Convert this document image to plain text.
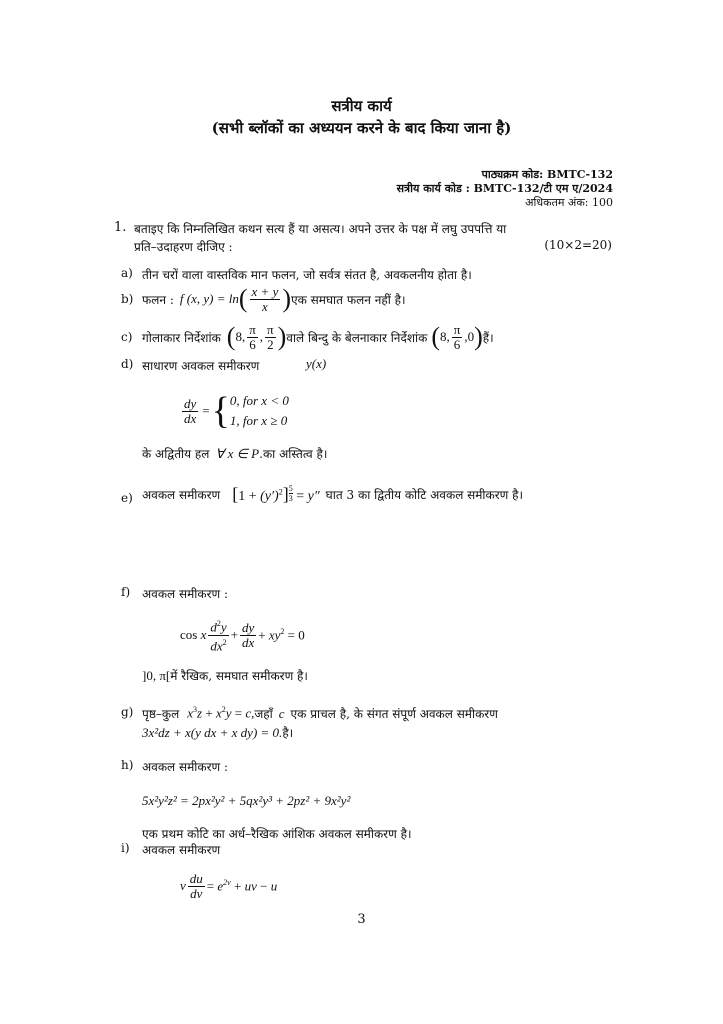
सत्रीय कार्य
(सभी ब्लॉकों का अध्ययन करने के बाद किया जाना है)
पाठ्यक्रम कोड: BMTC-132
सत्रीय कार्य कोड : BMTC-132/टी एम ए/2024
अधिकतम अंक: 100
1. बताइए कि निम्नलिखित कथन सत्य हैं या असत्य। अपने उत्तर के पक्ष में लघु उपपत्ति या
प्रति–उदाहरण दीजिए :	(10×2=20)
a) तीन चरों वाला वास्तविक मान फलन, जो सर्वत्र संतत है, अवकलनीय होता है।
b) फलन : f (x, y) = ln ( $\frac{x + y}{x}$ ) एक समघात फलन नहीं है।
c) गोलाकार निर्देशांक ( 8, $\frac{\pi}{6}$ , $\frac{\pi}{2}$ ) वाले बिन्दु के बेलनाकार निर्देशांक ( 8, $\frac{\pi}{6} ,0$ ) हैं।
d) साधारण अवकल समीकरण	y(x)
$\frac{dy}{dx}$ = { 0, for x < 0
1, for x ≥ 0
के अद्वितीय हल ∀ x ∈ P .का अस्तित्व है।
e) अवकल समीकरण $[1 + (y')^2] \frac{5}{3} = y''$ घात 3 का द्वितीय कोटि अवकल समीकरण है।
f) अवकल समीकरण :
cos x $\frac{d^2y}{dx^2} + \frac{dy}{dx} + xy^2 = 0$
]0, π[ में रैखिक, समघात समीकरण है।
g) पृष्ठ–कुल $x^3z + x^2y = c$, जहाँ c एक प्राचल है, के संगत संपूर्ण अवकल समीकरण
3x²dz + x(y dx + x dy) = 0. है।
h) अवकल समीकरण :
5x²y²z² = 2px²y² + 5qx²y³ + 2pz² + 9x²y²
एक प्रथम कोटि का अर्ध–रैखिक आंशिक अवकल समीकरण है।
i) अवकल समीकरण
v $\frac{du}{dv} = e^{2v}$ + uv − u
3
